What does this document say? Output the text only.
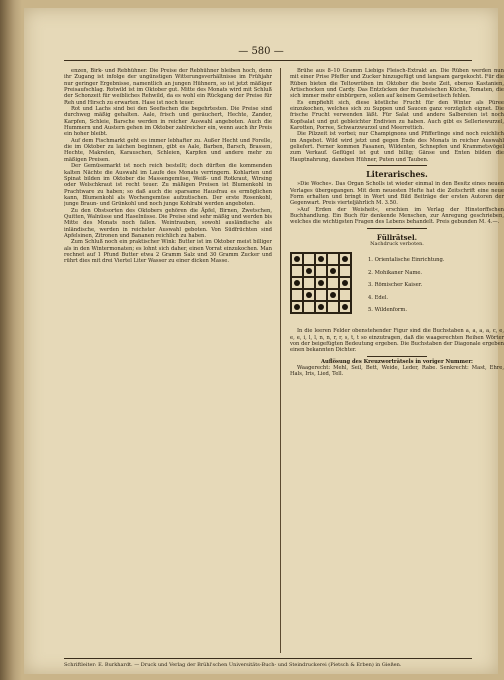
— 580 —

enzen, Birk- und Rebhühner. Die Preise der Rebhühner bleiben hoch, denn ihr Zugang ist infolge der ungünstigen Witterungsverhältnisse im Frühjahr nur geringer Ergebnisse, namentlich an jungen Hühnern, so ist jetzt mäßiger Preisaufschlag. Rotwild ist im Oktober gut. Mitte des Monats wird mit Schluß der Schonzeit für weibliches Rehwild, da es wohl ein Rückgang der Preise für Reh und Hirsch zu erwarten. Hase ist noch teuer.

Rot und Lachs sind bei den Seefischen die begehrtesten. Die Preise sind durchweg mäßig gehalten. Aale, frisch und geräuchert, Hechte, Zander, Karpfen, Schleie, Barsche werden in reicher Auswahl angeboten. Auch die Hummern und Austern gehen im Oktober zahlreicher ein, wenn auch ihr Preis ein hoher bleibt.

Auf dem Fischmarkt geht es immer lebhafter zu. Außer Hecht und Forelle, die im Oktober zu laichen beginnen, gibt es Aale, Barben, Barsch, Brassen, Hechte, Makrelen, Karauschen, Schleien, Karpfen und andere mehr zu mäßigen Preisen.

Der Gemüsemarkt ist noch reich bestellt; doch dürften die kommenden kalten Nächte die Auswahl im Laufe des Monats verringern. Kohlarten und Spinat bilden im Oktober die Massengemüse, Weiß- und Rotkraut, Wirsing oder Welschkraut ist recht teuer. Zu mäßigen Preisen ist Blumenkohl in Prachtware zu haben; so daß auch die sparsame Hausfrau es ermöglichen kann, Blumenkohl als Wochengemüse aufzutischen. Der erste Rosenkohl, junge Braun- und Grünkohl und noch junge Kohlrabi werden angeboten.

Zu den Obstsorten des Oktobers gehören die Äpfel, Birnen, Zwetschen, Quitten, Walnüsse und Haselnüsse. Die Preise sind sehr mäßig und werden bis Mitte des Monats noch fallen. Weintrauben, sowohl ausländische als inländische, werden in reichster Auswahl geboten. Von Südfrüchten sind Apfelsinen, Zitronen und Bananen reichlich zu haben.

Zum Schluß noch ein praktischer Wink: Butter ist im Oktober meist billiger als in den Wintermonaten; es lohnt sich daher, einen Vorrat einzukochen. Man rechnet auf 1 Pfund Butter etwa 2 Gramm Salz und 30 Gramm Zucker und rührt dies mit drei Viertel Liter Wasser zu einer dicken Masse.

Brühe aus 8–10 Gramm Liebigs Fleisch-Extrakt an. Die Rüben werden nun mit einer Prise Pfeffer und Zucker hinzugefügt und langsam gargekocht. Für die Rüben bieten die Teltowrüben im Oktober die beste Zeit, ebenso Kastanien, Artischocken und Cardy. Das Entzücken der französischen Küche, Tomaten, die sich immer mehr einbürgern, sollen auf keinem Gemüsetisch fehlen.

Es empfiehlt sich, diese köstliche Frucht für den Winter als Püree einzukochen, welches sich zu Suppen und Saucen ganz vorzüglich eignet. Die frische Frucht verwenden läßt. Für Salat und andere Salbereien ist noch Kopfsalat und gut gebleichter Endivien zu haben. Auch gibt es Selleriewurzel, Karotten, Porree, Schwarzwurzel und Meerrettich.

Die Pilzzeit ist vorbei; nur Champignons und Pfifferlinge sind noch reichlich im Angebot. Wild wird jetzt und gegen Ende des Monats in reicher Auswahl geliefert. Ferner kommen Fasanen, Wildenten, Schnepfen und Krammetsvögel zum Verkauf. Geflügel ist gut und billig; Gänse und Enten bilden die Hauptnahrung, daneben Hühner, Puten und Tauben.

Literarisches.

»Die Woche«. Das Organ Scholls ist wieder einmal in den Besitz eines neuen Verlages übergegangen. Mit dem neuesten Hefte hat die Zeitschrift eine neue Form erhalten und bringt in Wort und Bild Beiträge der ersten Autoren der Gegenwart. Preis vierteljährlich M. 3.50.

»Auf Erden der Weisheit«, erschien im Verlag der Hinstorffschen Buchhandlung. Ein Buch für denkende Menschen, zur Anregung geschrieben, welches die wichtigsten Fragen des Lebens behandelt. Preis gebunden M. 4.—.

Füllrätsel.
Nachdruck verboten.
1. Orientalische Einrichtung.
2. Mohikaner Name.
3. Römischer Kaiser.
4. Edel.
5. Wildenform.

In die leeren Felder obenstehender Figur sind die Buchstaben a, a, a, a, c, e, e, e, i, l, l, n, n, r, r, s, t, t so einzutragen, daß die waagerechten Reihen Wörter von der beigefügten Bedeutung ergeben. Die Buchstaben der Diagonale ergeben einen bekannten Dichter.

Auflösung des Kreuzworträtsels in voriger Nummer:

Waagerecht: Mehl, Seil, Bett, Weide, Leder, Rabe. Senkrecht: Mast, Ehre, Hals, Iris, Lied, Tell.

Schriftleiter: E. Burkhardt. — Druck und Verlag der Brühl'schen Universitäts-Buch- und Steindruckerei (Pietsch & Erben) in Gießen.
